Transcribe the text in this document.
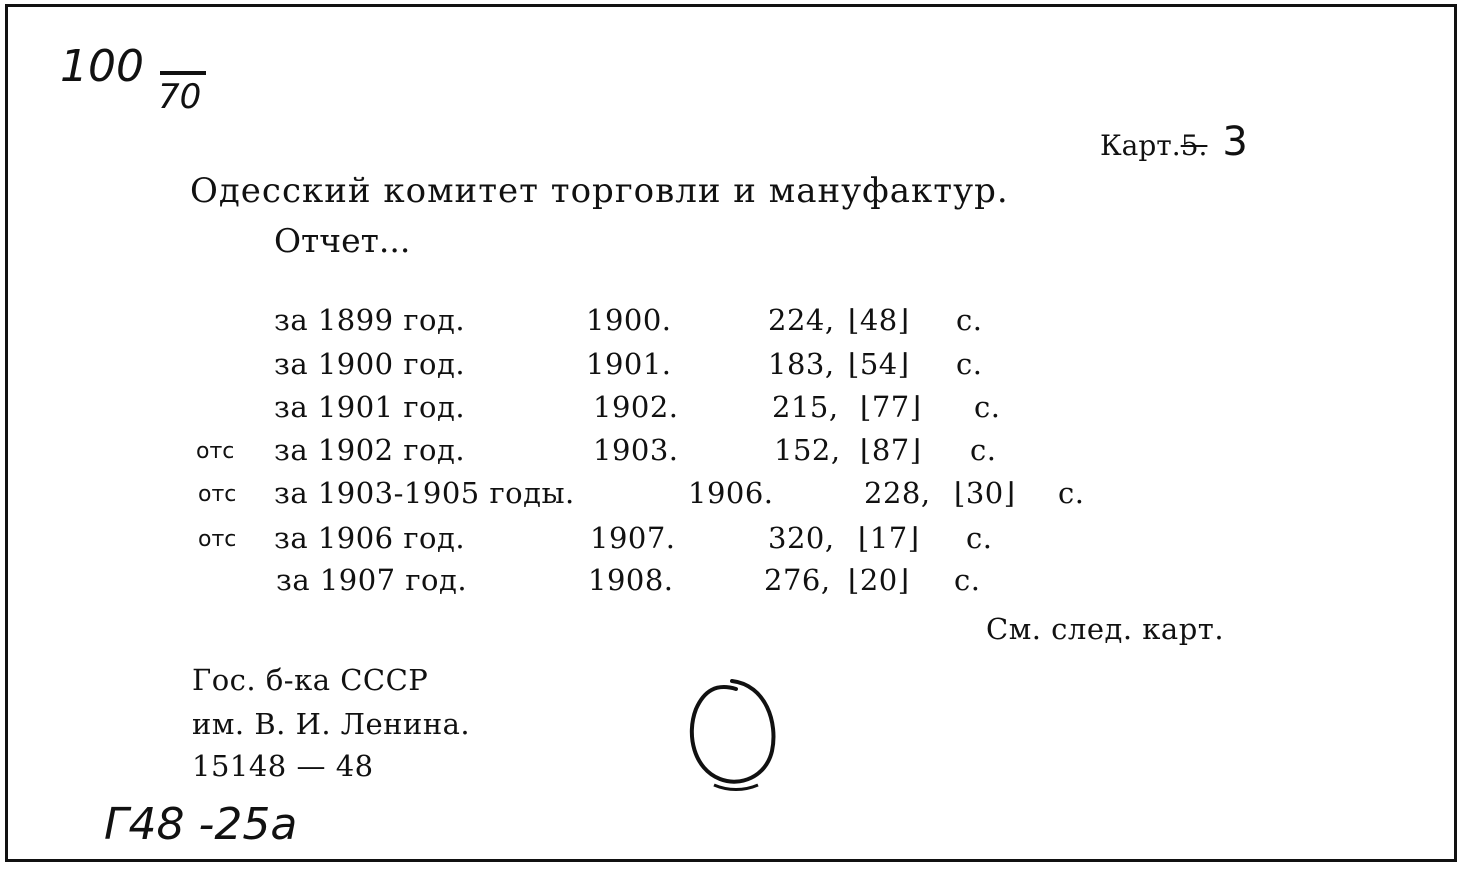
100
70
Карт.5. 3
Одесский комитет торговли и мануфактур.
Отчет...
за 1899 год.	1900.	224, ⌊48⌋ с.
за 1900 год.	1901.	183, ⌊54⌋ с.
за 1901 год.	1902.	215, ⌊77⌋ с.
отс за 1902 год.	1903.	152, ⌊87⌋ с.
отс за 1903-1905 годы.	1906.	228, ⌊30⌋ с.
отс за 1906 год.	1907.	320, ⌊17⌋ с.
за 1907 год.	1908.	276, ⌊20⌋ с.
См. след. карт.
Гос. б-ка СССР
им. В. И. Ленина.
15148 — 48
Г48 -25а
